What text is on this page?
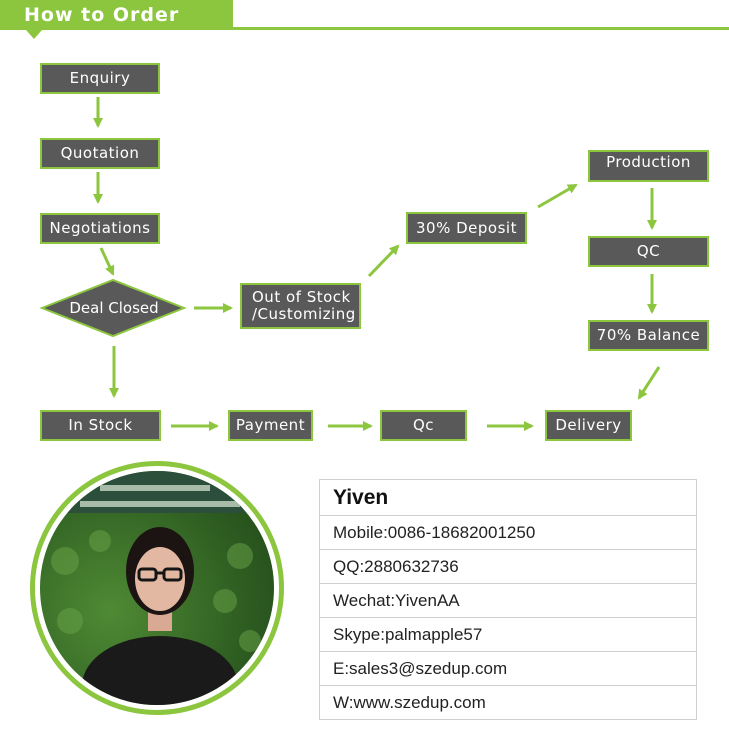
How to Order
Deal Closed
Enquiry
Quotation
Negotiations
Out of Stock
/Customizing
30% Deposit
Production
QC
70% Balance
In Stock	Payment	Qc	Delivery
Yiven
Mobile:0086-18682001250
QQ:2880632736
Wechat:YivenAA
Skype:palmapple57
E:sales3@szedup.com
W:www.szedup.com
